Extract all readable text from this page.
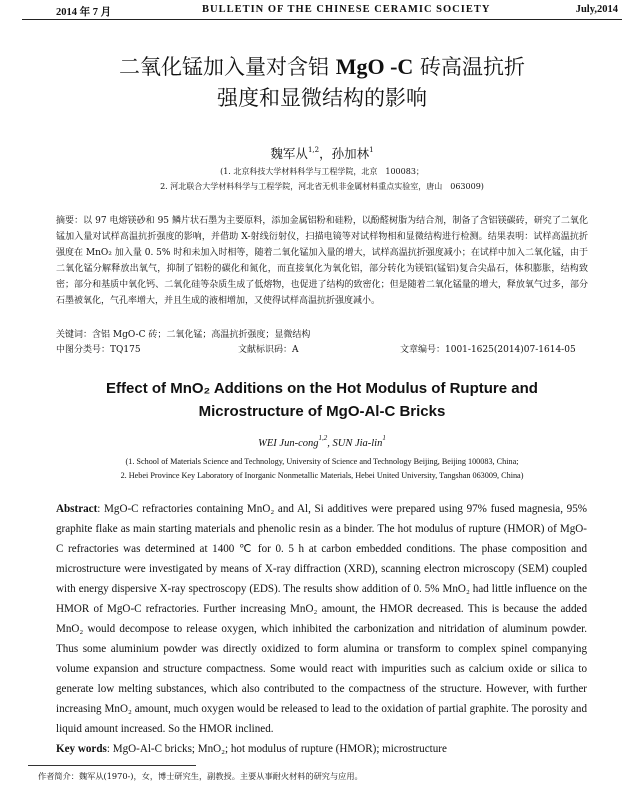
2014 年 7 月	BULLETIN OF THE CHINESE CERAMIC SOCIETY	July,2014
二氧化锰加入量对含铝 MgO -C 砖高温抗折
强度和显微结构的影响
魏军从$^{1,2}$，孙加林$^1$
(1. 北京科技大学材料科学与工程学院，北京　100083；
2. 河北联合大学材料科学与工程学院，河北省无机非金属材料重点实验室，唐山　063009)
摘要：以 97 电熔镁砂和 95 鳞片状石墨为主要原料，添加金属铝粉和硅粉，以酚醛树脂为结合剂，制备了含铝镁碳砖，研究了二氧化锰加入量对试样高温抗折强度的影响，并借助 X-射线衍射仪，扫描电镜等对试样物相和显微结构进行检测。结果表明：试样高温抗折强度在 MnO₂ 加入量 0. 5% 时和未加入时相等，随着二氧化锰加入量的增大，试样高温抗折强度减小；在试样中加入二氧化锰，由于二氧化锰分解释放出氧气，抑制了铝粉的碳化和氮化，而直接氧化为氧化铝，部分转化为镁铝(锰铝)复合尖晶石，体积膨胀，结构致密；部分和基质中氧化钙、二氧化硅等杂质生成了低熔物，也促进了结构的致密化；但是随着二氧化锰量的增大，释放氧气过多，部分石墨被氧化，气孔率增大，并且生成的液相增加，又使得试样高温抗折强度减小。
关键词：含铝 MgO-C 砖；二氧化锰；高温抗折强度；显微结构
中图分类号：TQ175	文献标识码：A	文章编号：1001-1625(2014)07-1614-05
Effect of MnO₂ Additions on the Hot Modulus of Rupture and
Microstructure of MgO-Al-C Bricks
WEI Jun-cong$^{1,2}$, SUN Jia-lin$^1$
(1. School of Materials Science and Technology, University of Science and Technology Beijing, Beijing 100083, China;
2. Hebei Province Key Laboratory of Inorganic Nonmetallic Materials, Hebei United University, Tangshan 063009, China)
Abstract: MgO-C refractories containing MnO₂ and Al, Si additives were prepared using 97% fused magnesia, 95% graphite flake as main starting materials and phenolic resin as a binder. The hot modulus of rupture (HMOR) of MgO-C refractories was determined at 1400 ℃ for 0. 5 h at carbon embedded conditions. The phase composition and microstructure were investigated by means of X-ray diffraction (XRD), scanning electron microscopy (SEM) coupled with energy dispersive X-ray spectroscopy (EDS). The results show addition of 0. 5% MnO₂ had little influence on the HMOR of MgO-C refractories. Further increasing MnO₂ amount, the HMOR decreased. This is because the added MnO₂ would decompose to release oxygen, which inhibited the carbonization and nitridation of aluminum powder. Thus some aluminium powder was directly oxidized to form alumina or transform to complex spinel companying volume expansion and structure compactness. Some would react with impurities such as calcium oxide or silica to generate low melting substances, which also contributed to the compactness of the structure. However, with further increasing MnO₂ amount, much oxygen would be released to lead to the oxidation of partial graphite. The porosity and liquid amount increased. So the HMOR inclined.
Key words: MgO-Al-C bricks; MnO₂; hot modulus of rupture (HMOR); microstructure
作者简介：魏军从(1970-)，女，博士研究生，副教授。主要从事耐火材料的研究与应用。
